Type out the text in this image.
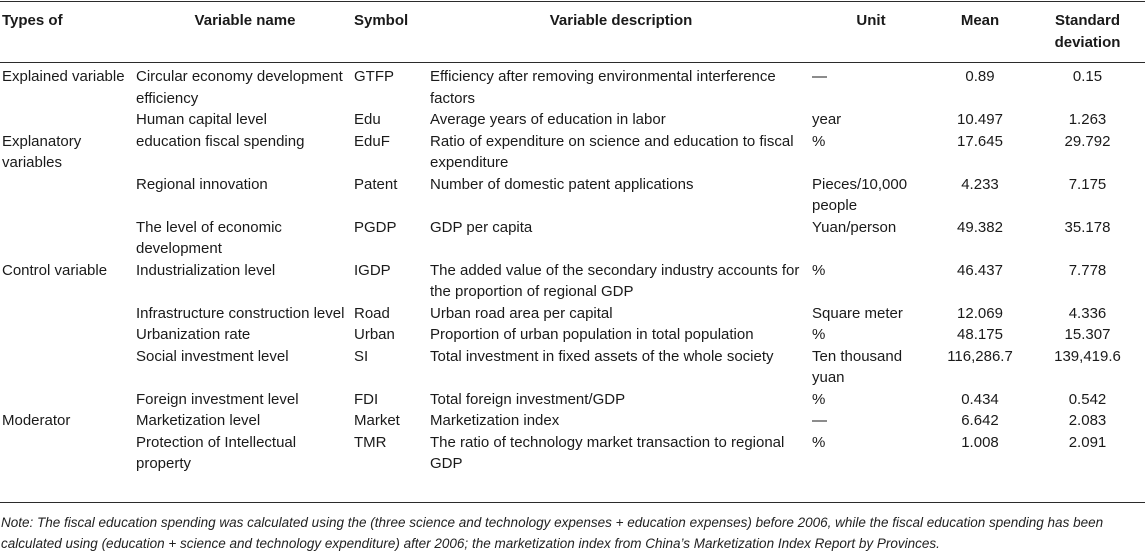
Types of	Variable name	Symbol	Variable description	Unit	Mean	Standard deviation
Explained variable	Circular economy development efficiency	GTFP	Efficiency after removing environmental interference factors	—	0.89	0.15
	Human capital level	Edu	Average years of education in labor	year	10.497	1.263
Explanatory variables	education fiscal spending	EduF	Ratio of expenditure on science and education to fiscal expenditure	%	17.645	29.792
	Regional innovation	Patent	Number of domestic patent applications	Pieces/10,000 people	4.233	7.175
	The level of economic development	PGDP	GDP per capita	Yuan/person	49.382	35.178
Control variable	Industrialization level	IGDP	The added value of the secondary industry accounts for the proportion of regional GDP	%	46.437	7.778
	Infrastructure construction level	Road	Urban road area per capital	Square meter	12.069	4.336
	Urbanization rate	Urban	Proportion of urban population in total population	%	48.175	15.307
	Social investment level	SI	Total investment in fixed assets of the whole society	Ten thousand yuan	116,286.7	139,419.6
	Foreign investment level	FDI	Total foreign investment/GDP	%	0.434	0.542
Moderator	Marketization level	Market	Marketization index	—	6.642	2.083
	Protection of Intellectual property	TMR	The ratio of technology market transaction to regional GDP	%	1.008	2.091
Note: The fiscal education spending was calculated using the (three science and technology expenses + education expenses) before 2006, while the fiscal education spending has been calculated using (education + science and technology expenditure) after 2006; the marketization index from China’s Marketization Index Report by Provinces.
